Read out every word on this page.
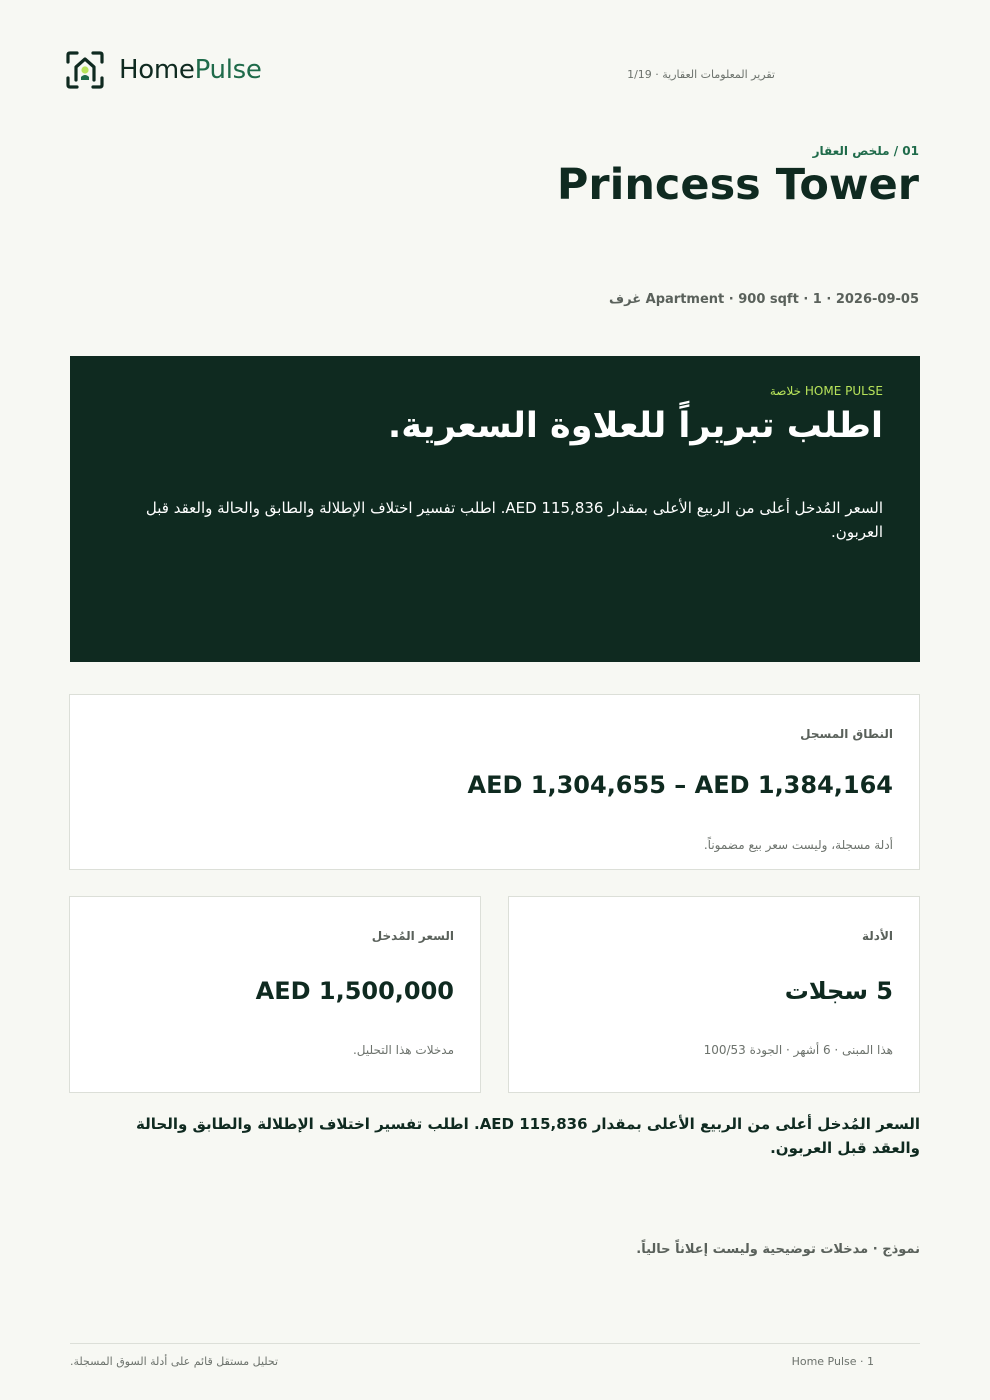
HomePulse	تقرير المعلومات العقارية · 1/19
01 / ملخص العقار
Princess Tower
2026-09-05 · Apartment · 900 sqft · 1 غرف
HOME PULSE خلاصة
اطلب تبريراً للعلاوة السعرية.
السعر المُدخل أعلى من الربيع الأعلى بمقدار AED 115,836. اطلب تفسير اختلاف الإطلالة والطابق والحالة والعقد قبل العربون.
النطاق المسجل
AED 1,304,655 – AED 1,384,164
أدلة مسجلة، وليست سعر بيع مضموناً.
الأدلة
5 سجلات
هذا المبنى · 6 أشهر · الجودة 100/53
السعر المُدخل
AED 1,500,000
مدخلات هذا التحليل.
السعر المُدخل أعلى من الربيع الأعلى بمقدار AED 115,836. اطلب تفسير اختلاف الإطلالة والطابق والحالة والعقد قبل العربون.
نموذج · مدخلات توضيحية وليست إعلاناً حالياً.
تحليل مستقل قائم على أدلة السوق المسجلة.	Home Pulse · 1
